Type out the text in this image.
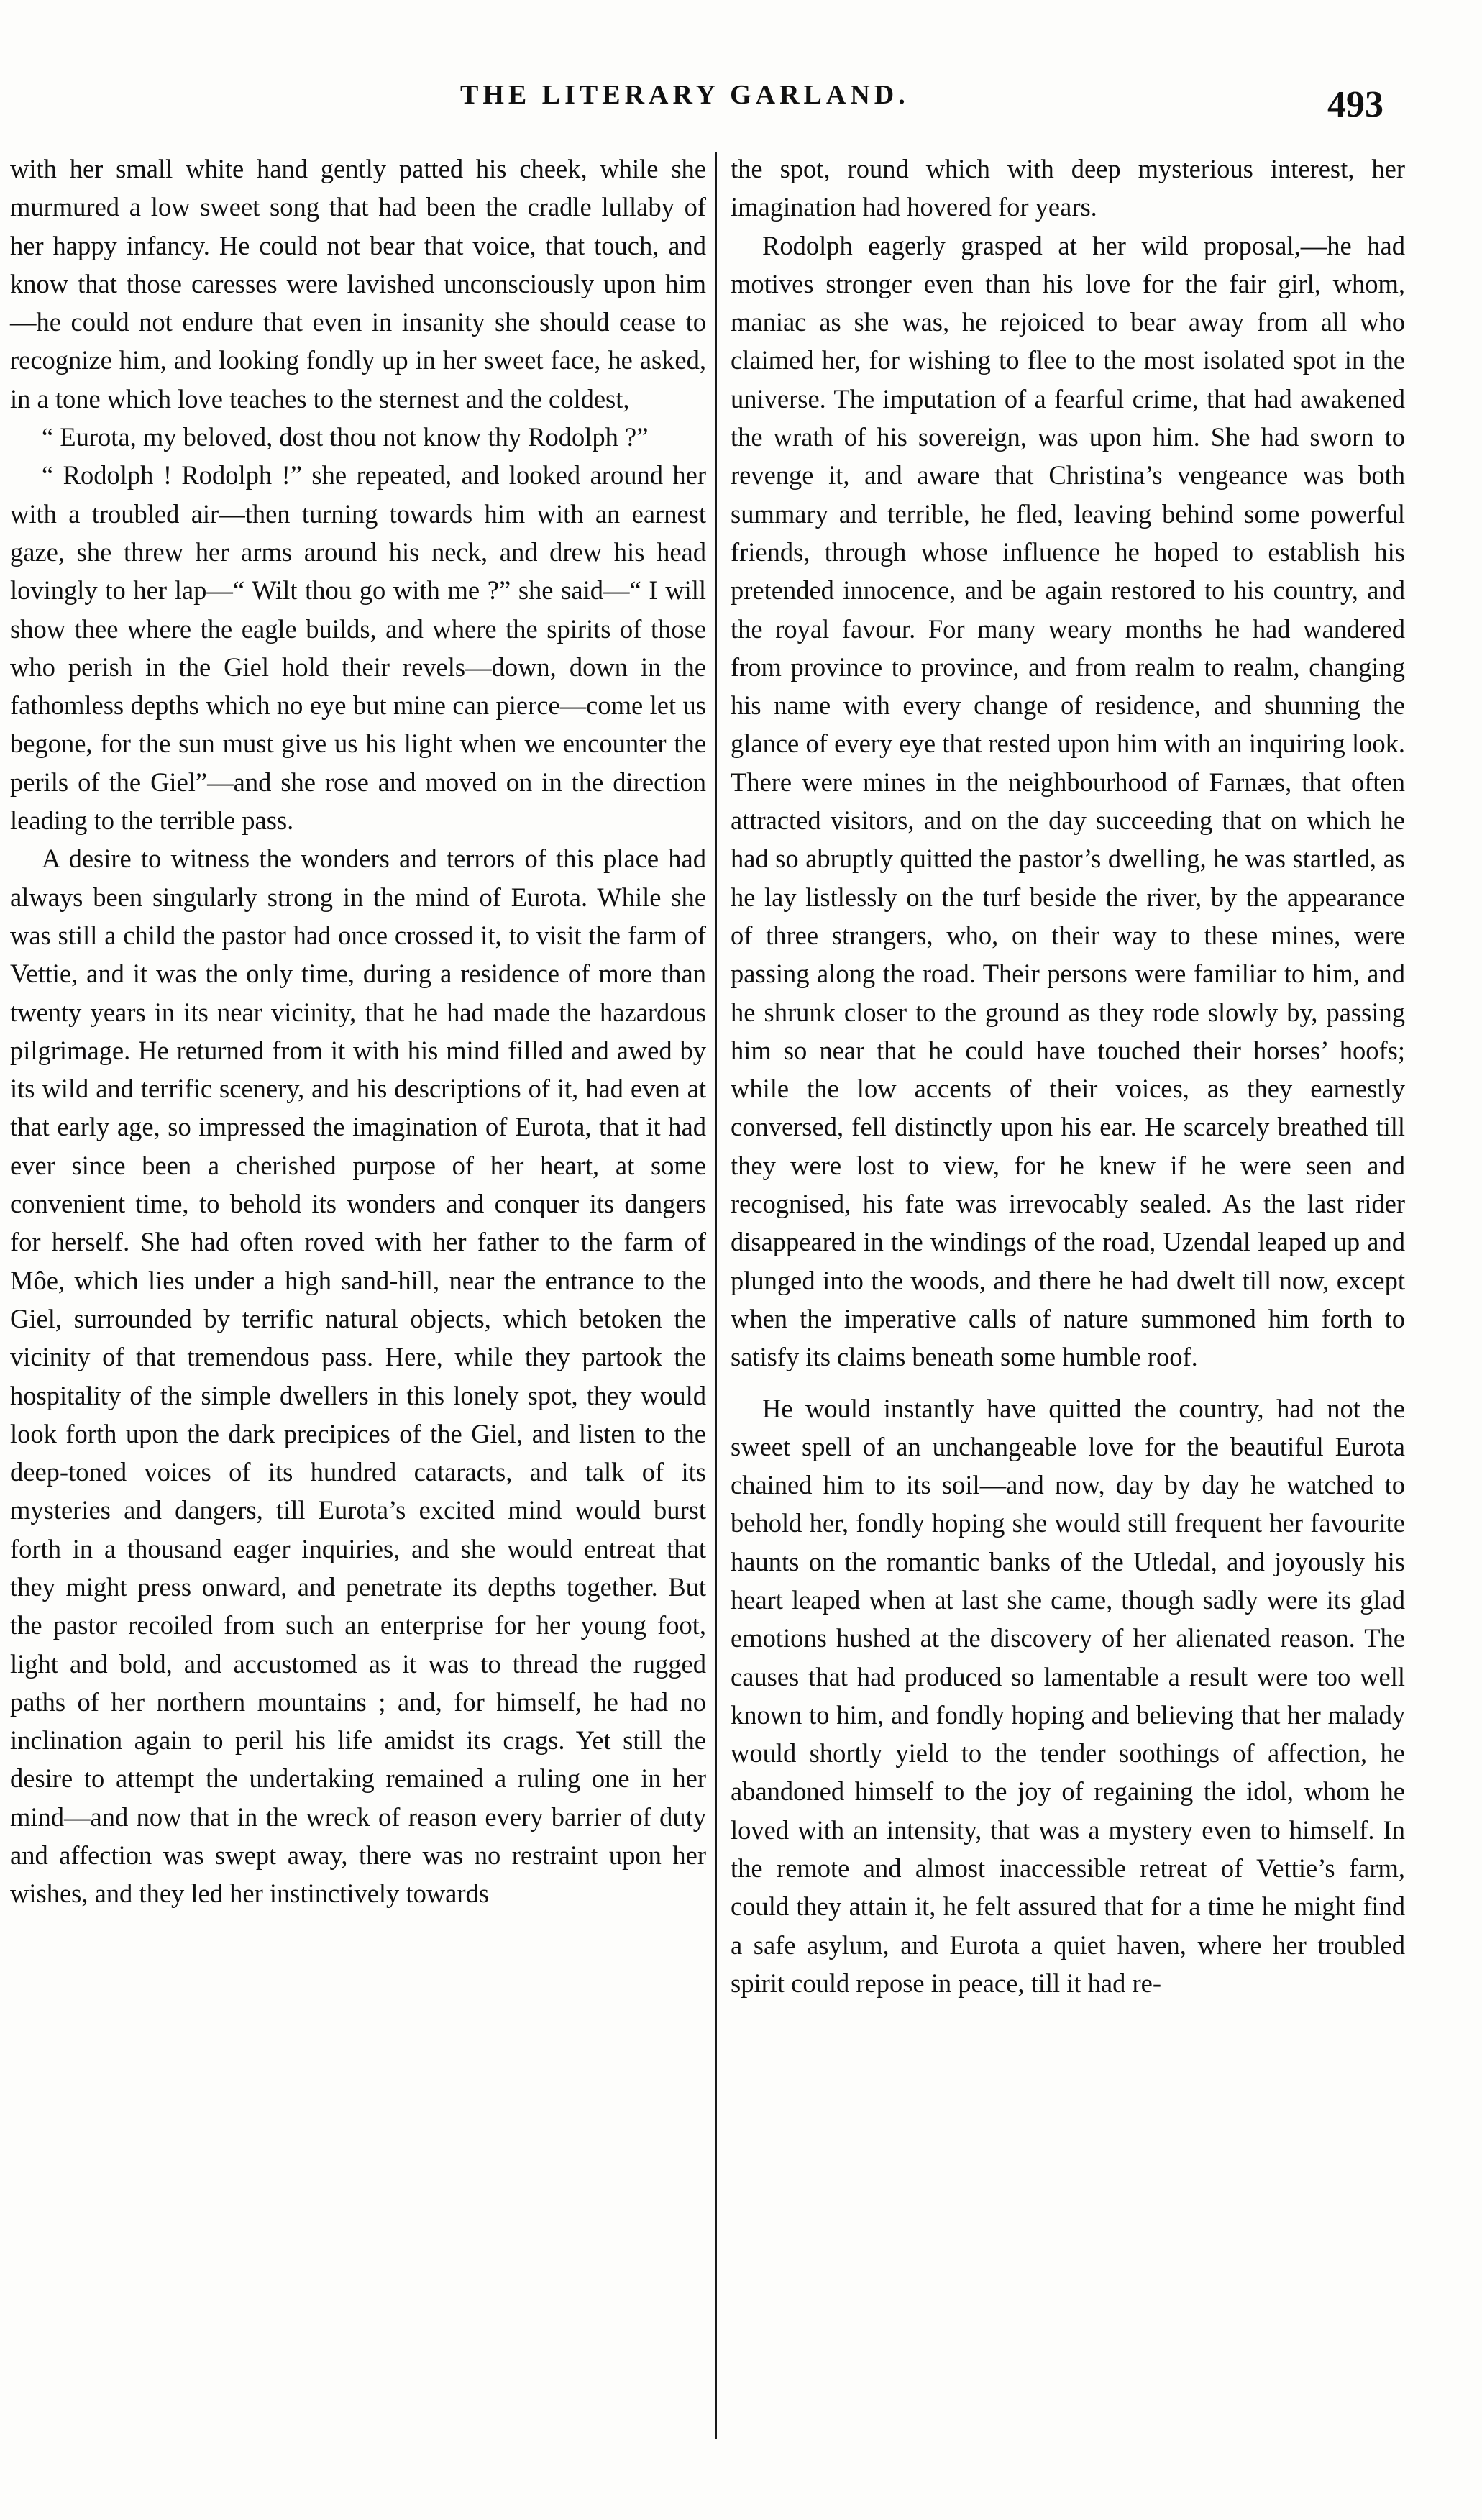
THE LITERARY GARLAND.	493

with her small white hand gently patted his cheek, while she murmured a low sweet song that had been the cradle lullaby of her happy infancy. He could not bear that voice, that touch, and know that those caresses were lavished unconsciously upon him—he could not endure that even in insanity she should cease to recognize him, and looking fondly up in her sweet face, he asked, in a tone which love teaches to the sternest and the coldest,

“ Eurota, my beloved, dost thou not know thy Rodolph ?”

“ Rodolph ! Rodolph !” she repeated, and looked around her with a troubled air—then turning towards him with an earnest gaze, she threw her arms around his neck, and drew his head lovingly to her lap—“ Wilt thou go with me ?” she said—“ I will show thee where the eagle builds, and where the spirits of those who perish in the Giel hold their revels—down, down in the fathomless depths which no eye but mine can pierce—come let us begone, for the sun must give us his light when we encounter the perils of the Giel”—and she rose and moved on in the direction leading to the terrible pass.

A desire to witness the wonders and terrors of this place had always been singularly strong in the mind of Eurota. While she was still a child the pastor had once crossed it, to visit the farm of Vettie, and it was the only time, during a residence of more than twenty years in its near vicinity, that he had made the hazardous pilgrimage. He returned from it with his mind filled and awed by its wild and terrific scenery, and his descriptions of it, had even at that early age, so impressed the imagination of Eurota, that it had ever since been a cherished purpose of her heart, at some convenient time, to behold its wonders and conquer its dangers for herself. She had often roved with her father to the farm of Môe, which lies under a high sand-hill, near the entrance to the Giel, surrounded by terrific natural objects, which betoken the vicinity of that tremendous pass. Here, while they partook the hospitality of the simple dwellers in this lonely spot, they would look forth upon the dark precipices of the Giel, and listen to the deep-toned voices of its hundred cataracts, and talk of its mysteries and dangers, till Eurota’s excited mind would burst forth in a thousand eager inquiries, and she would entreat that they might press onward, and penetrate its depths together. But the pastor recoiled from such an enterprise for her young foot, light and bold, and accustomed as it was to thread the rugged paths of her northern mountains ; and, for himself, he had no inclination again to peril his life amidst its crags. Yet still the desire to attempt the undertaking remained a ruling one in her mind—and now that in the wreck of reason every barrier of duty and affection was swept away, there was no restraint upon her wishes, and they led her instinctively towards

the spot, round which with deep mysterious interest, her imagination had hovered for years.

Rodolph eagerly grasped at her wild proposal,—he had motives stronger even than his love for the fair girl, whom, maniac as she was, he rejoiced to bear away from all who claimed her, for wishing to flee to the most isolated spot in the universe. The imputation of a fearful crime, that had awakened the wrath of his sovereign, was upon him. She had sworn to revenge it, and aware that Christina’s vengeance was both summary and terrible, he fled, leaving behind some powerful friends, through whose influence he hoped to establish his pretended innocence, and be again restored to his country, and the royal favour. For many weary months he had wandered from province to province, and from realm to realm, changing his name with every change of residence, and shunning the glance of every eye that rested upon him with an inquiring look. There were mines in the neighbourhood of Farnæs, that often attracted visitors, and on the day succeeding that on which he had so abruptly quitted the pastor’s dwelling, he was startled, as he lay listlessly on the turf beside the river, by the appearance of three strangers, who, on their way to these mines, were passing along the road. Their persons were familiar to him, and he shrunk closer to the ground as they rode slowly by, passing him so near that he could have touched their horses’ hoofs; while the low accents of their voices, as they earnestly conversed, fell distinctly upon his ear. He scarcely breathed till they were lost to view, for he knew if he were seen and recognised, his fate was irrevocably sealed. As the last rider disappeared in the windings of the road, Uzendal leaped up and plunged into the woods, and there he had dwelt till now, except when the imperative calls of nature summoned him forth to satisfy its claims beneath some humble roof.

He would instantly have quitted the country, had not the sweet spell of an unchangeable love for the beautiful Eurota chained him to its soil—and now, day by day he watched to behold her, fondly hoping she would still frequent her favourite haunts on the romantic banks of the Utledal, and joyously his heart leaped when at last she came, though sadly were its glad emotions hushed at the discovery of her alienated reason. The causes that had produced so lamentable a result were too well known to him, and fondly hoping and believing that her malady would shortly yield to the tender soothings of affection, he abandoned himself to the joy of regaining the idol, whom he loved with an intensity, that was a mystery even to himself. In the remote and almost inaccessible retreat of Vettie’s farm, could they attain it, he felt assured that for a time he might find a safe asylum, and Eurota a quiet haven, where her troubled spirit could repose in peace, till it had re-
